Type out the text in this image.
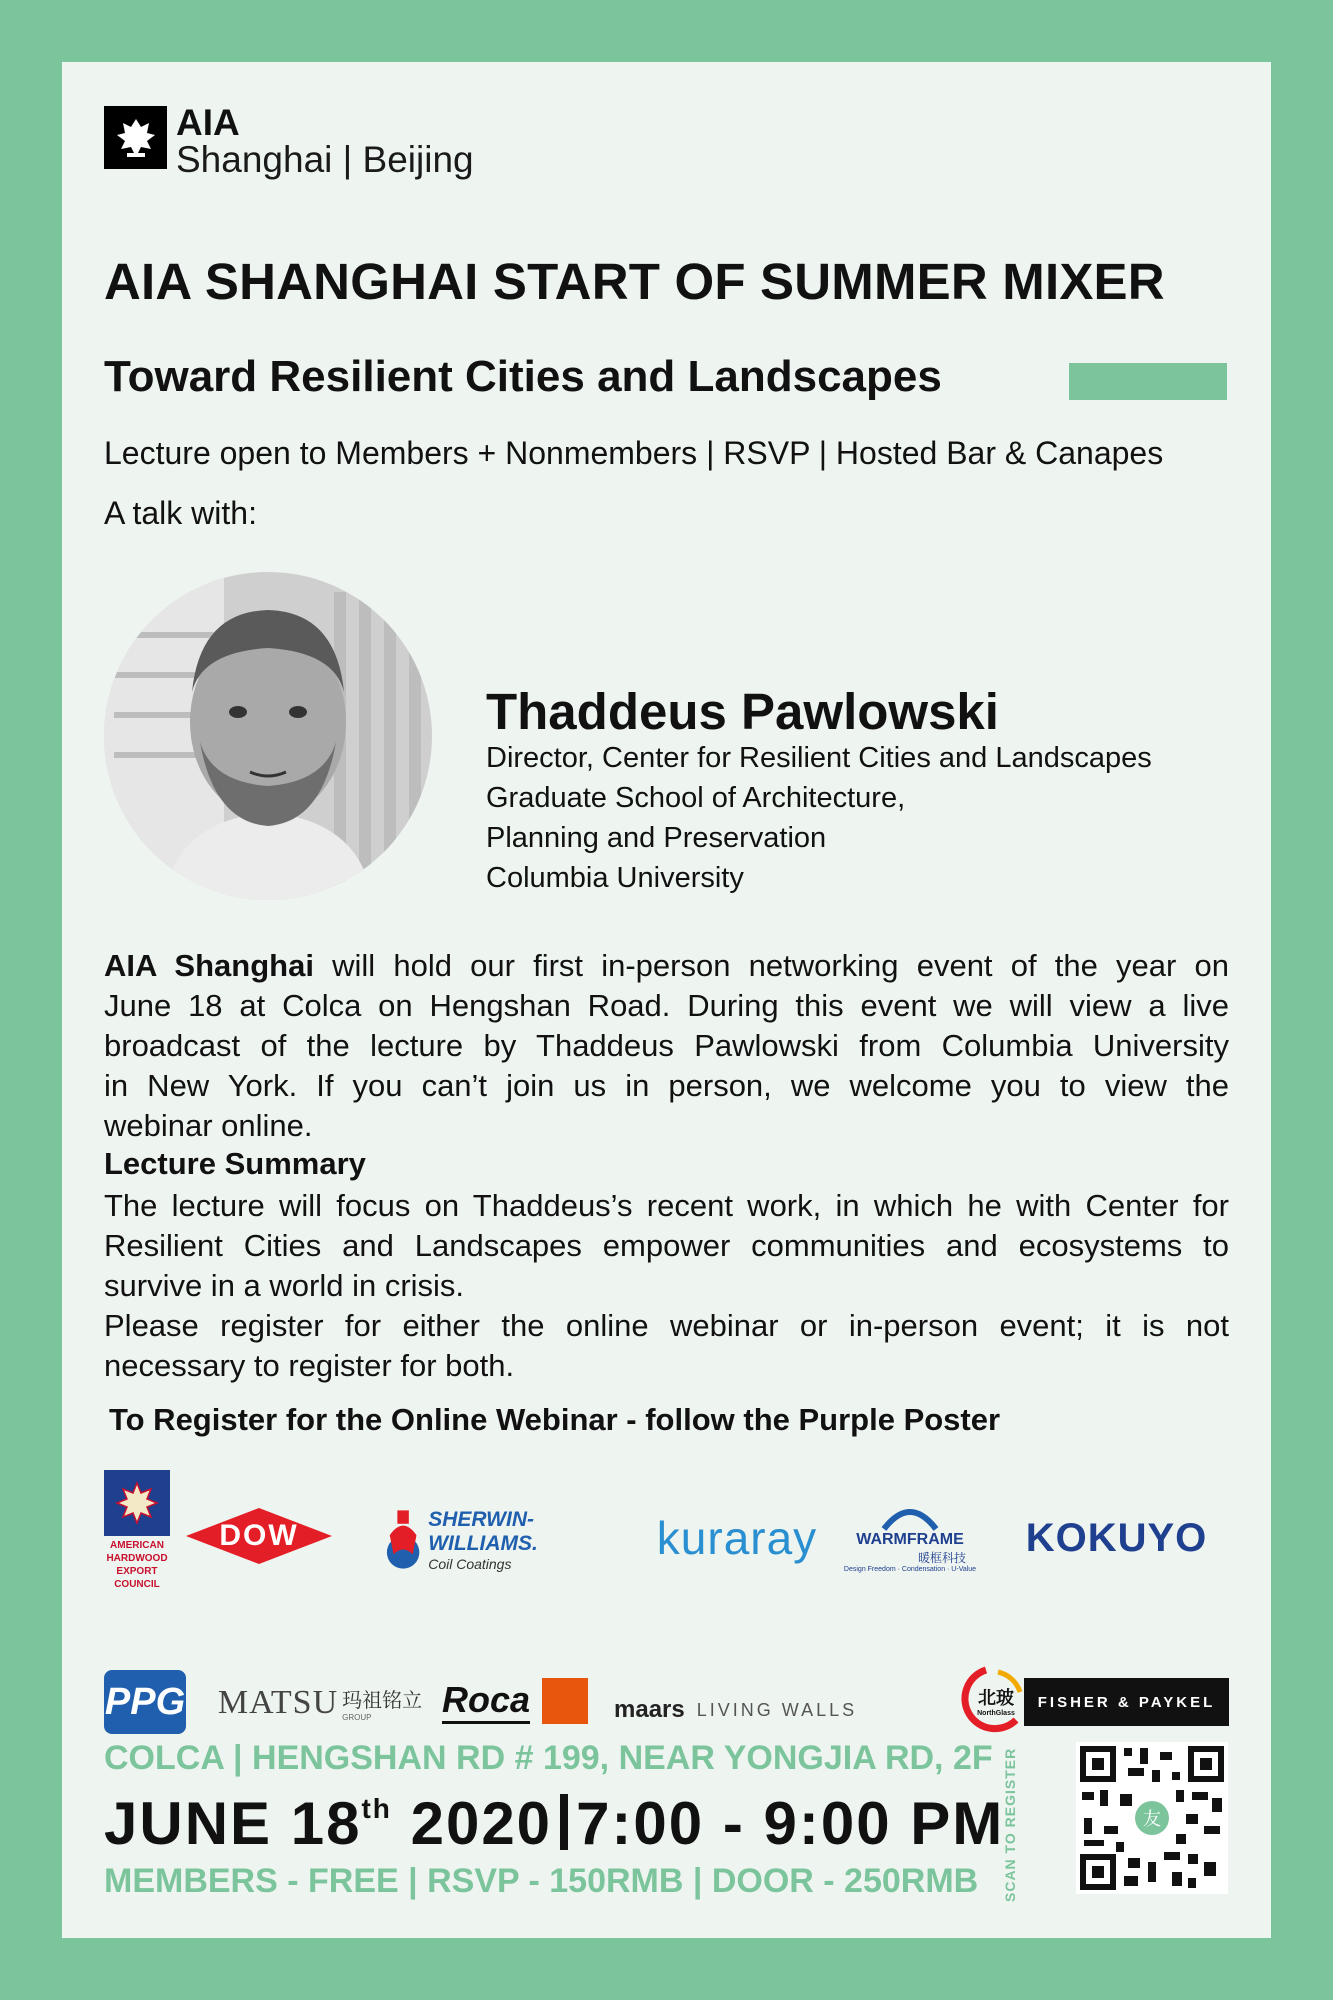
AIA
Shanghai | Beijing
AIA SHANGHAI START OF SUMMER MIXER
Toward Resilient Cities and Landscapes
Lecture open to Members + Nonmembers | RSVP | Hosted Bar & Canapes
A talk with:
Thaddeus Pawlowski
Director, Center for Resilient Cities and Landscapes
Graduate School of Architecture,
Planning and Preservation
Columbia University
AIA Shanghai will hold our first in-person networking event of the year on
June 18 at Colca on Hengshan Road. During this event we will view a live
broadcast of the lecture by Thaddeus Pawlowski from Columbia University
in New York. If you can’t join us in person, we welcome you to view the
webinar online.
Lecture Summary
The lecture will focus on Thaddeus’s recent work, in which he with Center for
Resilient Cities and Landscapes empower communities and ecosystems to
survive in a world in crisis.
Please register for either the online webinar or in-person event; it is not
necessary to register for both.
To Register for the Online Webinar - follow the Purple Poster
AMERICAN
HARDWOOD
EXPORT
COUNCIL
DOW	SHERWIN-WILLIAMS.
Coil Coatings	kuraray WARMFRAME
暖框科技
Design Freedom · Condensation · U-Value
KOKUYO
PPG MATSU 玛祖铭立
GROUP Roca	maars LIVING WALLS
北玻
NorthGlass
FISHER & PAYKEL
COLCA | HENGSHAN RD # 199, NEAR YONGJIA RD, 2F
JUNE 18th 2020 7:00 - 9:00 PM
MEMBERS - FREE | RSVP - 150RMB | DOOR - 250RMB SCAN TO REGISTER	友
